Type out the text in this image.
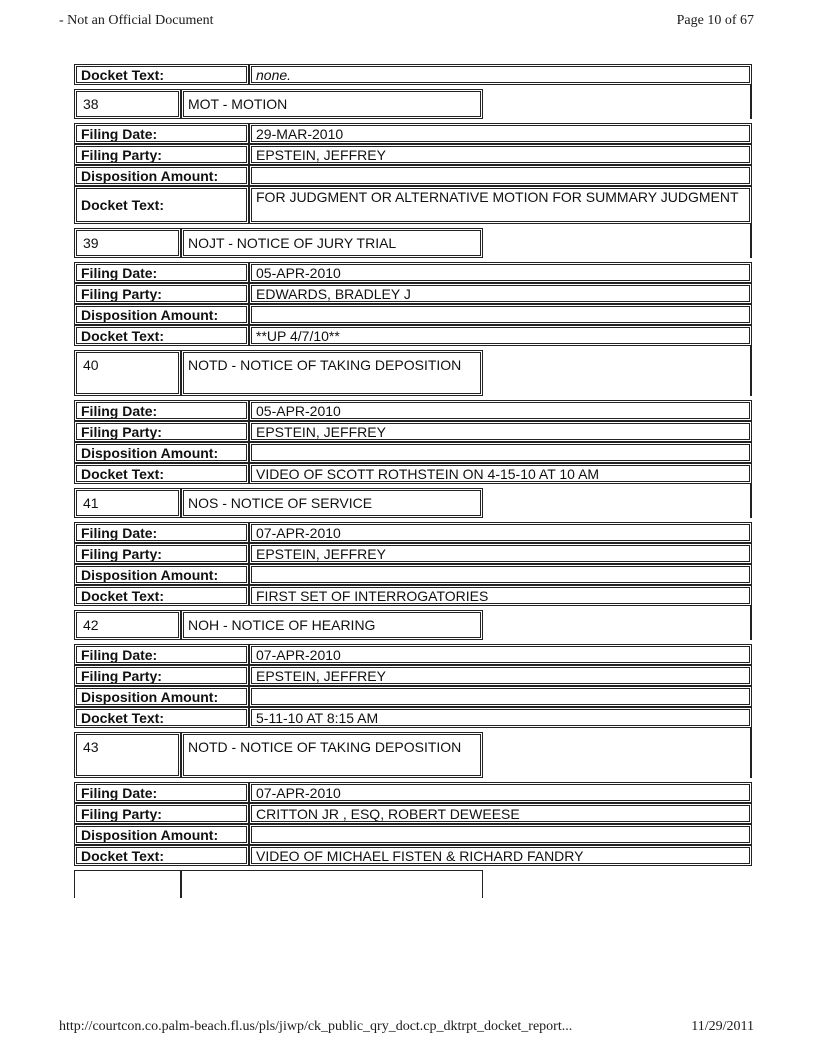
- Not an Official Document	Page 10 of 67
Docket Text:	none.
38	MOT - MOTION
Filing Date:	29-MAR-2010
Filing Party:	EPSTEIN, JEFFREY
Disposition Amount:
Docket Text:	FOR JUDGMENT OR ALTERNATIVE MOTION FOR SUMMARY JUDGMENT
39	NOJT - NOTICE OF JURY TRIAL
Filing Date:	05-APR-2010
Filing Party:	EDWARDS, BRADLEY J
Disposition Amount:
Docket Text:	**UP 4/7/10**
40	NOTD - NOTICE OF TAKING DEPOSITION
Filing Date:	05-APR-2010
Filing Party:	EPSTEIN, JEFFREY
Disposition Amount:
Docket Text:	VIDEO OF SCOTT ROTHSTEIN ON 4-15-10 AT 10 AM
41	NOS - NOTICE OF SERVICE
Filing Date:	07-APR-2010
Filing Party:	EPSTEIN, JEFFREY
Disposition Amount:
Docket Text:	FIRST SET OF INTERROGATORIES
42	NOH - NOTICE OF HEARING
Filing Date:	07-APR-2010
Filing Party:	EPSTEIN, JEFFREY
Disposition Amount:
Docket Text:	5-11-10 AT 8:15 AM
43	NOTD - NOTICE OF TAKING DEPOSITION
Filing Date:	07-APR-2010
Filing Party:	CRITTON JR , ESQ, ROBERT DEWEESE
Disposition Amount:
Docket Text:	VIDEO OF MICHAEL FISTEN & RICHARD FANDRY
http://courtcon.co.palm-beach.fl.us/pls/jiwp/ck_public_qry_doct.cp_dktrpt_docket_report...	11/29/2011
